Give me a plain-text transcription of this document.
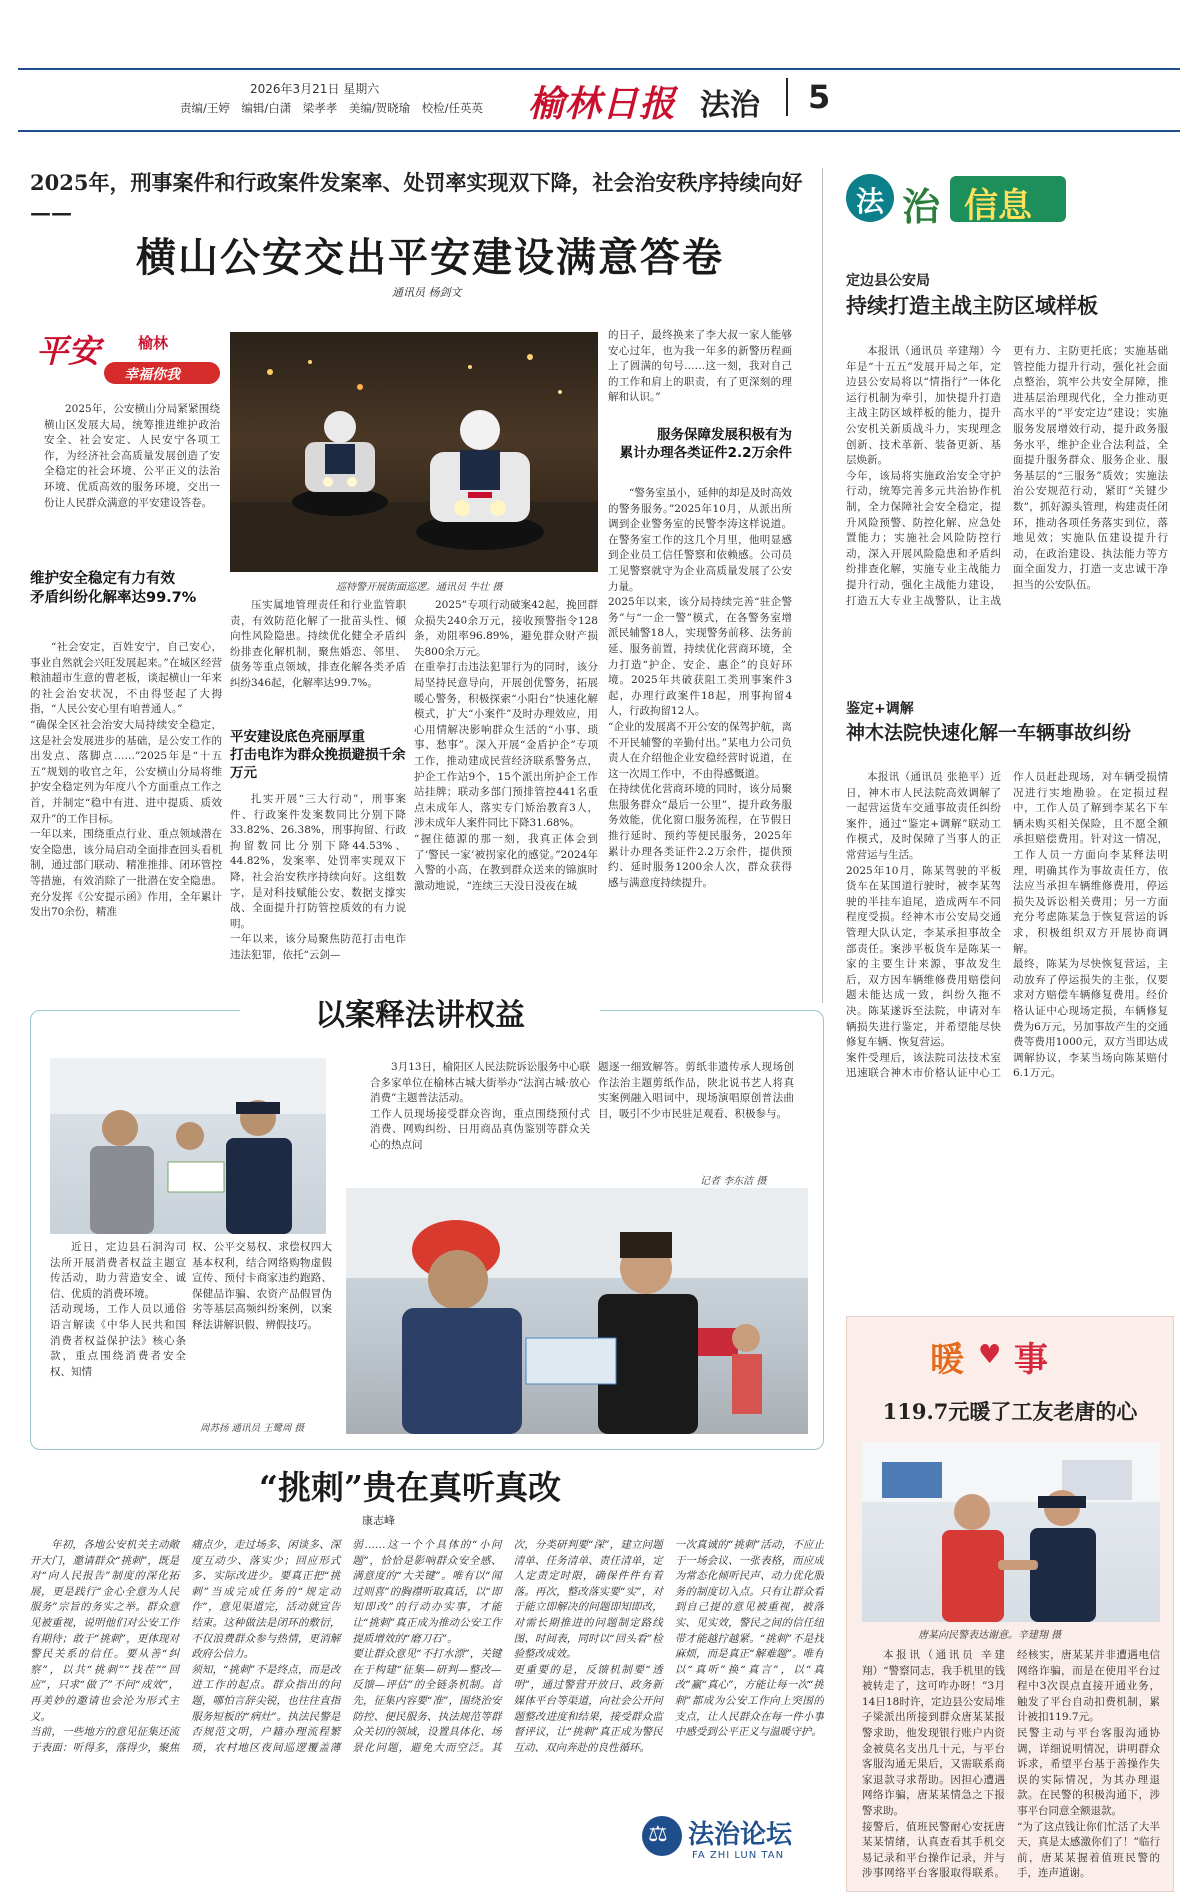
2026年3月21日 星期六
责编/王婷　编辑/白潇　梁孝孝　美编/贺晓瑜　校检/任英英 榆林日报 法治 5
2025年，刑事案件和行政案件发案率、处罚率实现双下降，社会治安秩序持续向好——
横山公安交出平安建设满意答卷
通讯员 杨剑文
平安	榆林
幸福你我
2025年，公安横山分局紧紧围绕横山区发展大局，统筹推进维护政治安全、社会安定、人民安宁各项工作，为经济社会高质量发展创造了安全稳定的社会环境、公平正义的法治环境、优质高效的服务环境，交出一份让人民群众满意的平安建设答卷。
维护安全稳定有力有效
矛盾纠纷化解率达99.7%
“社会安定，百姓安宁，自己安心，事业自然就会兴旺发展起来。”在城区经营粮油超市生意的曹老板，谈起横山一年来的社会治安状况，不由得竖起了大拇指，“人民公安心里有咱普通人。”
“确保全区社会治安大局持续安全稳定，这是社会发展进步的基础，是公安工作的出发点、落脚点……”2025年是“十五五”规划的收官之年，公安横山分局将维护安全稳定列为年度八个方面重点工作之首，并制定“稳中有进、进中提质、质效双升”的工作目标。
一年以来，围绕重点行业、重点领域潜在安全隐患，该分局启动全面排查回头看机制，通过部门联动、精准推排、闭环管控等措施，有效消除了一批潜在安全隐患。充分发挥《公安提示函》作用，全年累计发出70余份，精准
巡特警开展街面巡逻。通讯员 牛壮 摄
压实属地管理责任和行业监管职责，有效防范化解了一批苗头性、倾向性风险隐患。持续优化健全矛盾纠纷排查化解机制，聚焦婚恋、邻里、债务等重点领域，排查化解各类矛盾纠纷346起，化解率达99.7%。
平安建设底色亮丽厚重
打击电诈为群众挽损避损千余万元
扎实开展“三大行动”，刑事案件、行政案件发案数同比分别下降33.82%、26.38%，刑事拘留、行政拘留数同比分别下降44.53%、44.82%，发案率、处罚率实现双下降，社会治安秩序持续向好。这组数字，是对科技赋能公安、数据支撑实战、全面提升打防管控质效的有力说明。
一年以来，该分局聚焦防范打击电诈违法犯罪，依托“云剑—
2025”专项行动破案42起，挽回群众损失240余万元，接收预警指令128条，劝阻率96.89%，避免群众财产损失800余万元。
在重拳打击违法犯罪行为的同时，该分局坚持民意导向，开展创优警务，拓展暖心警务，积极探索“小阳台”快速化解模式，扩大“小案件”及时办理效应，用心用情解决影响群众生活的“小事、琐事、愁事”。深入开展“金盾护企”专项工作，推动建成民营经济联系警务点，护企工作站9个，15个派出所护企工作站挂牌；联动多部门预排管控441名重点未成年人，落实专门矫治教育3人，涉未成年人案件同比下降31.68%。
“握住德源的那一刻，我真正体会到了‘警民一家’被拐家化的感觉。”2024年入警的小高，在教到群众送来的锦旗时激动地说，“连续三天没日没夜在城
的日子，最终换来了李大叔一家人能够安心过年，也为我一年多的新警历程画上了圆满的句号……这一刻，我对自己的工作和肩上的职责，有了更深刻的理解和认识。”
服务保障发展积极有为
累计办理各类证件2.2万余件
“警务室虽小，延伸的却是及时高效的警务服务。”2025年10月，从派出所调到企业警务室的民警李涛这样说道。在警务室工作的这几个月里，他明显感到企业员工信任警察和依赖感。公司员工见警察就守为企业高质量发展了公安力量。
2025年以来，该分局持续完善“驻企警务”与“一企一警”模式，在各警务室增派民辅警18人，实现警务前移、法务前延、服务前置，持续优化营商环境，全力打造“护企、安企、惠企”的良好环境。2025年共破获阻工类刑事案件3起，办理行政案件18起，刑事拘留4人，行政拘留12人。
“企业的发展离不开公安的保驾护航，离不开民辅警的辛勤付出。”某电力公司负责人在介绍他企业安稳经营时说道，在这一次周工作中，不由得感慨道。
在持续优化营商环境的同时，该分局聚焦服务群众“最后一公里”，提升政务服务效能，优化窗口服务流程，在节假日推行延时、预约等便民服务，2025年累计办理各类证件2.2万余件，提供预约、延时服务1200余人次，群众获得感与满意度持续提升。
法 治 信息
定边县公安局
持续打造主战主防区域样板
本报讯（通讯员 辛建翔）今年是“十五五”发展开局之年，定边县公安局将以“情指行”一体化运行机制为牵引，加快提升打造主战主防区域样板的能力，提升公安机关新质战斗力，实现理念创新、技术革新、装备更新、基层焕新。
今年，该局将实施政治安全守护行动，统筹完善多元共治协作机制，全力保障社会安全稳定，提升风险预警、防控化解、应急处置能力；实施社会风险防控行动，深入开展风险隐患和矛盾纠纷排查化解，实施专业主战能力提升行动，强化主战能力建设，打造五大专业主战警队，让主战更有力、主防更托底；实施基础管控能力提升行动，强化社会面点整治，筑牢公共安全屏障，推进基层治理现代化，全力推动更高水平的“平安定边”建设；实施服务发展增效行动，提升政务服务水平，维护企业合法利益，全面提升服务群众、服务企业、服务基层的“三服务”质效；实施法治公安规范行动，紧盯“关键少数”，抓好源头管理，构建责任闭环，推动各项任务落实到位，落地见效；实施队伍建设提升行动，在政治建设、执法能力等方面全面发力，打造一支忠诚干净担当的公安队伍。
鉴定+调解
神木法院快速化解一车辆事故纠纷
本报讯（通讯员 张艳平）近日，神木市人民法院高效调解了一起营运货车交通事故责任纠纷案件，通过“鉴定+调解”联动工作模式，及时保障了当事人的正常营运与生活。
2025年10月，陈某驾驶的平板货车在某国道行驶时，被李某驾驶的半挂车追尾，造成两车不同程度受损。经神木市公安局交通管理大队认定，李某承担事故全部责任。案涉平板货车是陈某一家的主要生计来源，事故发生后，双方因车辆维修费用赔偿问题未能达成一致，纠纷久拖不决。陈某遂诉至法院，申请对车辆损失进行鉴定，并希望能尽快修复车辆、恢复营运。
案件受理后，该法院司法技术室迅速联合神木市价格认证中心工作人员赶赴现场，对车辆受损情况进行实地勘验。在定损过程中，工作人员了解到李某名下车辆未购买相关保险，且不愿全额承担赔偿费用。针对这一情况，工作人员一方面向李某释法明理，明确其作为事故责任方，依法应当承担车辆维修费用，停运损失及诉讼相关费用；另一方面充分考虑陈某急于恢复营运的诉求，积极组织双方开展协商调解。
最终，陈某为尽快恢复营运，主动放弃了停运损失的主张，仅要求对方赔偿车辆修复费用。经价格认证中心现场定损，车辆修复费为6万元，另加事故产生的交通费等费用1000元，双方当即达成调解协议，李某当场向陈某赔付6.1万元。
暖 ♥ 事
119.7元暖了工友老唐的心
唐某向民警表达谢意。辛建翔 摄
本报讯（通讯员 辛建翔）“警察同志，我手机里的钱被转走了，这可咋办呀！”3月14日18时许，定边县公安局堆子梁派出所接到群众唐某某报警求助，他发现银行账户内资金被莫名支出几十元，与平台客服沟通无果后，又需联系商家退款寻求帮助。因担心遭遇网络诈骗，唐某某情急之下报警求助。
接警后，值班民警耐心安抚唐某某情绪，认真查看其手机交易记录和平台操作记录，并与涉事网络平台客服取得联系。经核实，唐某某并非遭遇电信网络诈骗，而是在使用平台过程中3次误点直接开通业务，触发了平台自动扣费机制，累计被扣119.7元。
民警主动与平台客服沟通协调，详细说明情况，讲明群众诉求，希望平台基于善操作失误的实际情况，为其办理退款。在民警的积极沟通下，涉事平台同意全额退款。
“为了这点钱让你们忙活了大半天，真是太感激你们了！”临行前，唐某某握着值班民警的手，连声道谢。
以案释法讲权益
3月13日，榆阳区人民法院诉讼服务中心联合多家单位在榆林古城大街举办“法润古城·放心消费”主题普法活动。
工作人员现场接受群众咨询，重点围绕预付式消费、网购纠纷、日用商品真伪鉴别等群众关心的热点问
题逐一细致解答。剪纸非遗传承人现场创作法治主题剪纸作品，陕北说书艺人将真实案例融入唱词中，现场演唱原创普法曲目，吸引不少市民驻足观看、积极参与。
记者 李东洁 摄
近日，定边县石洞沟司法所开展消费者权益主题宣传活动，助力营造安全、诚信、优质的消费环境。
活动现场，工作人员以通俗语言解读《中华人民共和国消费者权益保护法》核心条款，重点围绕消费者安全权、知情
权、公平交易权、求偿权四大基本权利，结合网络购物虚假宣传、预付卡商家违约跑路、保健品诈骗、农资产品假冒伪劣等基层高频纠纷案例，以案释法讲解识假、辨假技巧。
周苏扬 通讯员 王鹭周 摄
“挑刺”贵在真听真改
康志峰
年初，各地公安机关主动敞开大门，邀请群众“挑刺”，既是对“向人民报告”制度的深化拓展，更是践行“金心全意为人民服务”宗旨的务实之举。群众意见被重视，说明他们对公安工作有期待；敢于“挑刺”，更体现对警民关系的信任。要从善“纠察”，以共“挑刺”“找茬”“回应”，只求“做了”不问“成效”，再美妙的邀请也会沦为形式主义。
当前，一些地方的意见征集还流于表面：听得多，落得少，聚焦痛点少，走过场多、闲谈多、深度互动少、落实少；回应形式多、实际改进少。要真正把“挑刺”当成完成任务的“规定动作”，意见渠道完，活动就宣告结束。这种做法是闭环的敷衍，不仅浪费群众参与热情，更消解政府公信力。
须知，“挑刺”不是终点，而是改进工作的起点。群众指出的问题，哪怕言辞尖锐，也往往直指服务短板的“病灶”。执法民警是否规范文明，户籍办理流程繁琐，农村地区夜间巡逻覆盖薄弱……这一个个具体的“小问题”，恰恰是影响群众安全感、满意度的“大关键”。唯有以“闻过则喜”的胸襟听取真话，以“即知即改”的行动办实事，才能让“挑刺”真正成为推动公安工作提质增效的“磨刀石”。
要让群众意见“不打水漂”，关键在于构建“征集—研判—整改—反馈—评估”的全链条机制。首先，征集内容要“准”，围绕治安防控、便民服务、执法规范等群众关切的领域，设置具体化、场景化问题，避免大而空泛。其次，分类研判要“深”，建立问题清单、任务清单、责任清单，定人定责定时限，确保件件有着落。再次，整改落实要“实”，对于能立即解决的问题即知即改，对需长期推进的问题制定路线图、时间表，同时以“回头看”检验整改成效。
更重要的是，反馈机制要“透明”，通过警营开放日、政务新媒体平台等渠道，向社会公开问题整改进度和结果，接受群众监督评议，让“挑刺”真正成为警民互动、双向奔赴的良性循环。
一次真诚的“挑刺”活动，不应止于一场会议、一张表格，而应成为常态化倾听民声、动力优化服务的制度切入点。只有让群众看到自己提的意见被重视，被落实、见实效，警民之间的信任纽带才能越拧越紧。“挑刺”不是找麻烦，而是真正“解难题”。唯有以“真听”换“真言”，以“真改”赢“真心”，方能让每一次“挑刺”都成为公安工作向上突围的支点，让人民群众在每一件小事中感受到公平正义与温暖守护。
⚖ 法治论坛
FA ZHI LUN TAN
